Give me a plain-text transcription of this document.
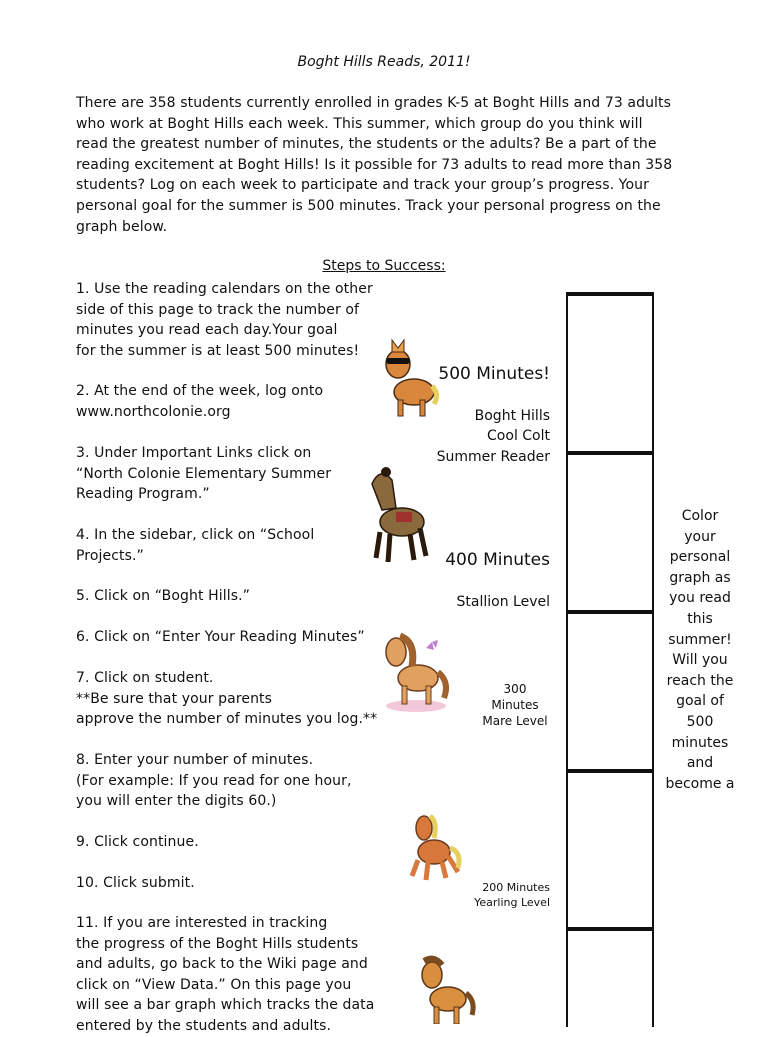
Boght Hills Reads, 2011!

There are 358 students currently enrolled in grades K-5 at Boght Hills and 73 adults
who work at Boght Hills each week. This summer, which group do you think will
read the greatest number of minutes, the students or the adults? Be a part of the
reading excitement at Boght Hills! Is it possible for 73 adults to read more than 358
students? Log on each week to participate and track your group’s progress. Your
personal goal for the summer is 500 minutes. Track your personal progress on the
graph below.

Steps to Success:

1. Use the reading calendars on the other
side of this page to track the number of
minutes you read each day.Your goal
for the summer is at least 500 minutes!

2. At the end of the week, log onto
www.northcolonie.org

3. Under Important Links click on
“North Colonie Elementary Summer
Reading Program.”

4. In the sidebar, click on “School
Projects.”

5. Click on “Boght Hills.”

6. Click on “Enter Your Reading Minutes”

7. Click on student.
**Be sure that your parents
approve the number of minutes you log.**

8. Enter your number of minutes.
(For example: If you read for one hour,
you will enter the digits 60.)

9. Click continue.

10. Click submit.

11. If you are interested in tracking
the progress of the Boght Hills students
and adults, go back to the Wiki page and
click on “View Data.” On this page you
will see a bar graph which tracks the data
entered by the students and adults.

500 Minutes!

Boght Hills
Cool Colt
Summer Reader

400 Minutes

Stallion Level

300
Minutes
Mare Level
200 Minutes
Yearling Level
Color
your
personal
graph as
you read
this
summer!
Will you
reach the
goal of
500
minutes
and
become a
